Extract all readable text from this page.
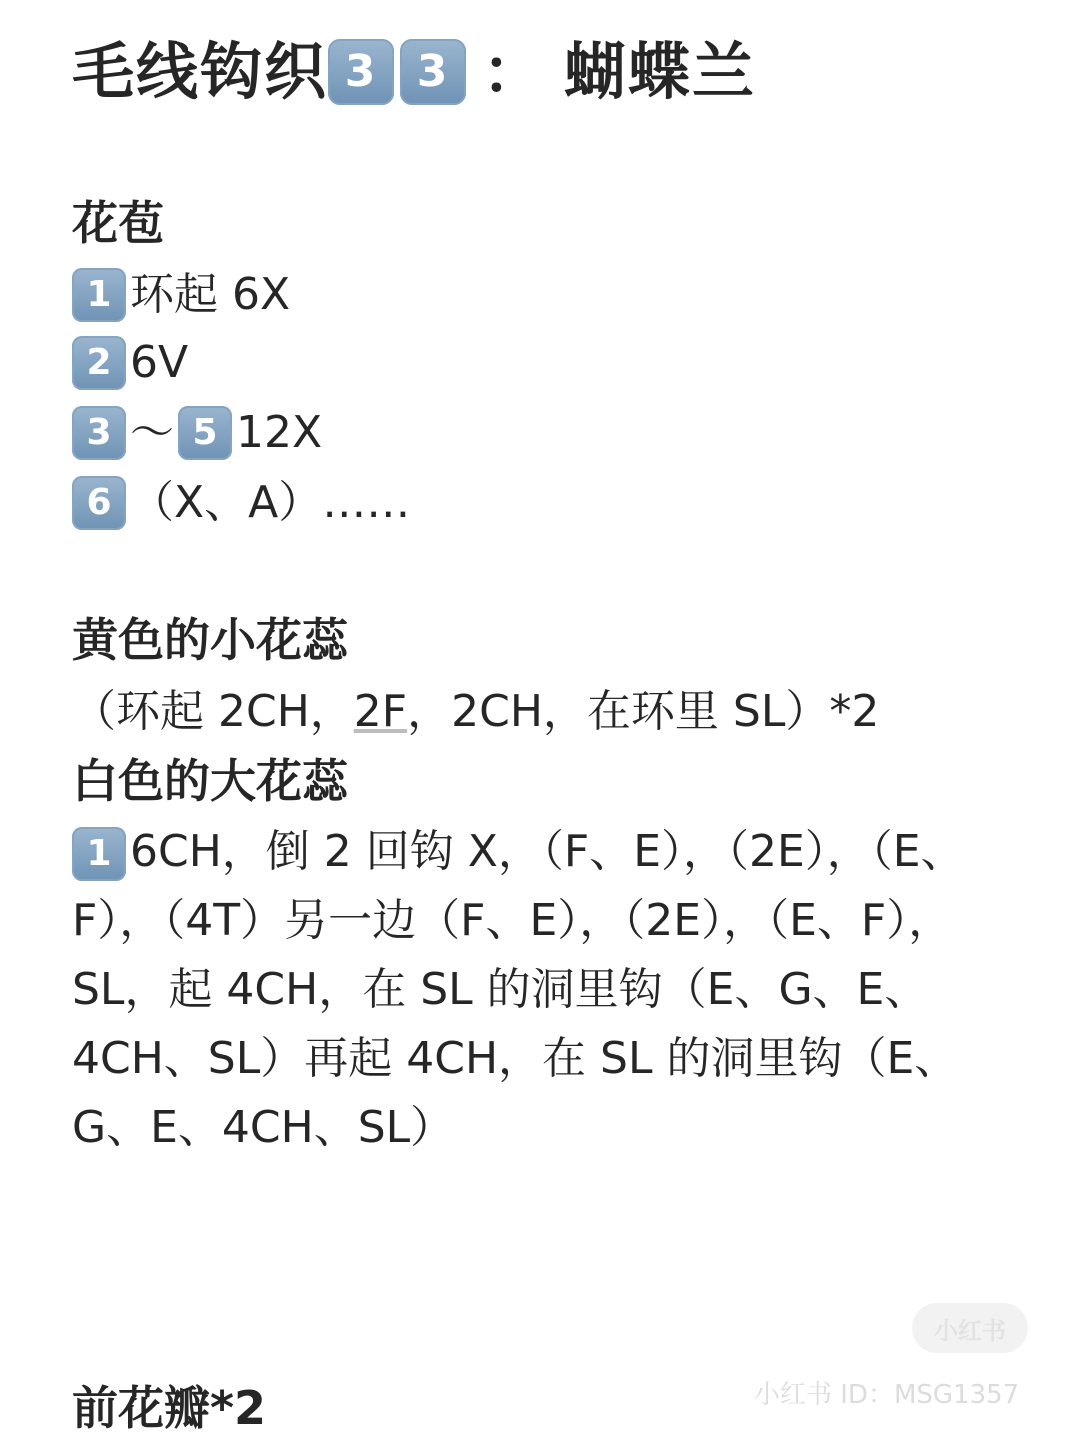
毛线钩织 3 3 ： 蝴蝶兰
花苞
1 环起 6X
2 6V
3 ～ 5 12X
6 （X、A）……
黄色的小花蕊
（环起 2CH， 2F ，2CH，在环里 SL）*2
白色的大花蕊

1 6CH，倒 2 回钩 X，（F、E），（2E），（E、F），（4T）另一边（F、E），（2E），（E、F），SL，起 4CH，在 SL 的洞里钩（E、G、E、4CH、SL）再起 4CH，在 SL 的洞里钩（E、G、E、4CH、SL）

前花瓣*2
小红书
小红书 ID：MSG1357
